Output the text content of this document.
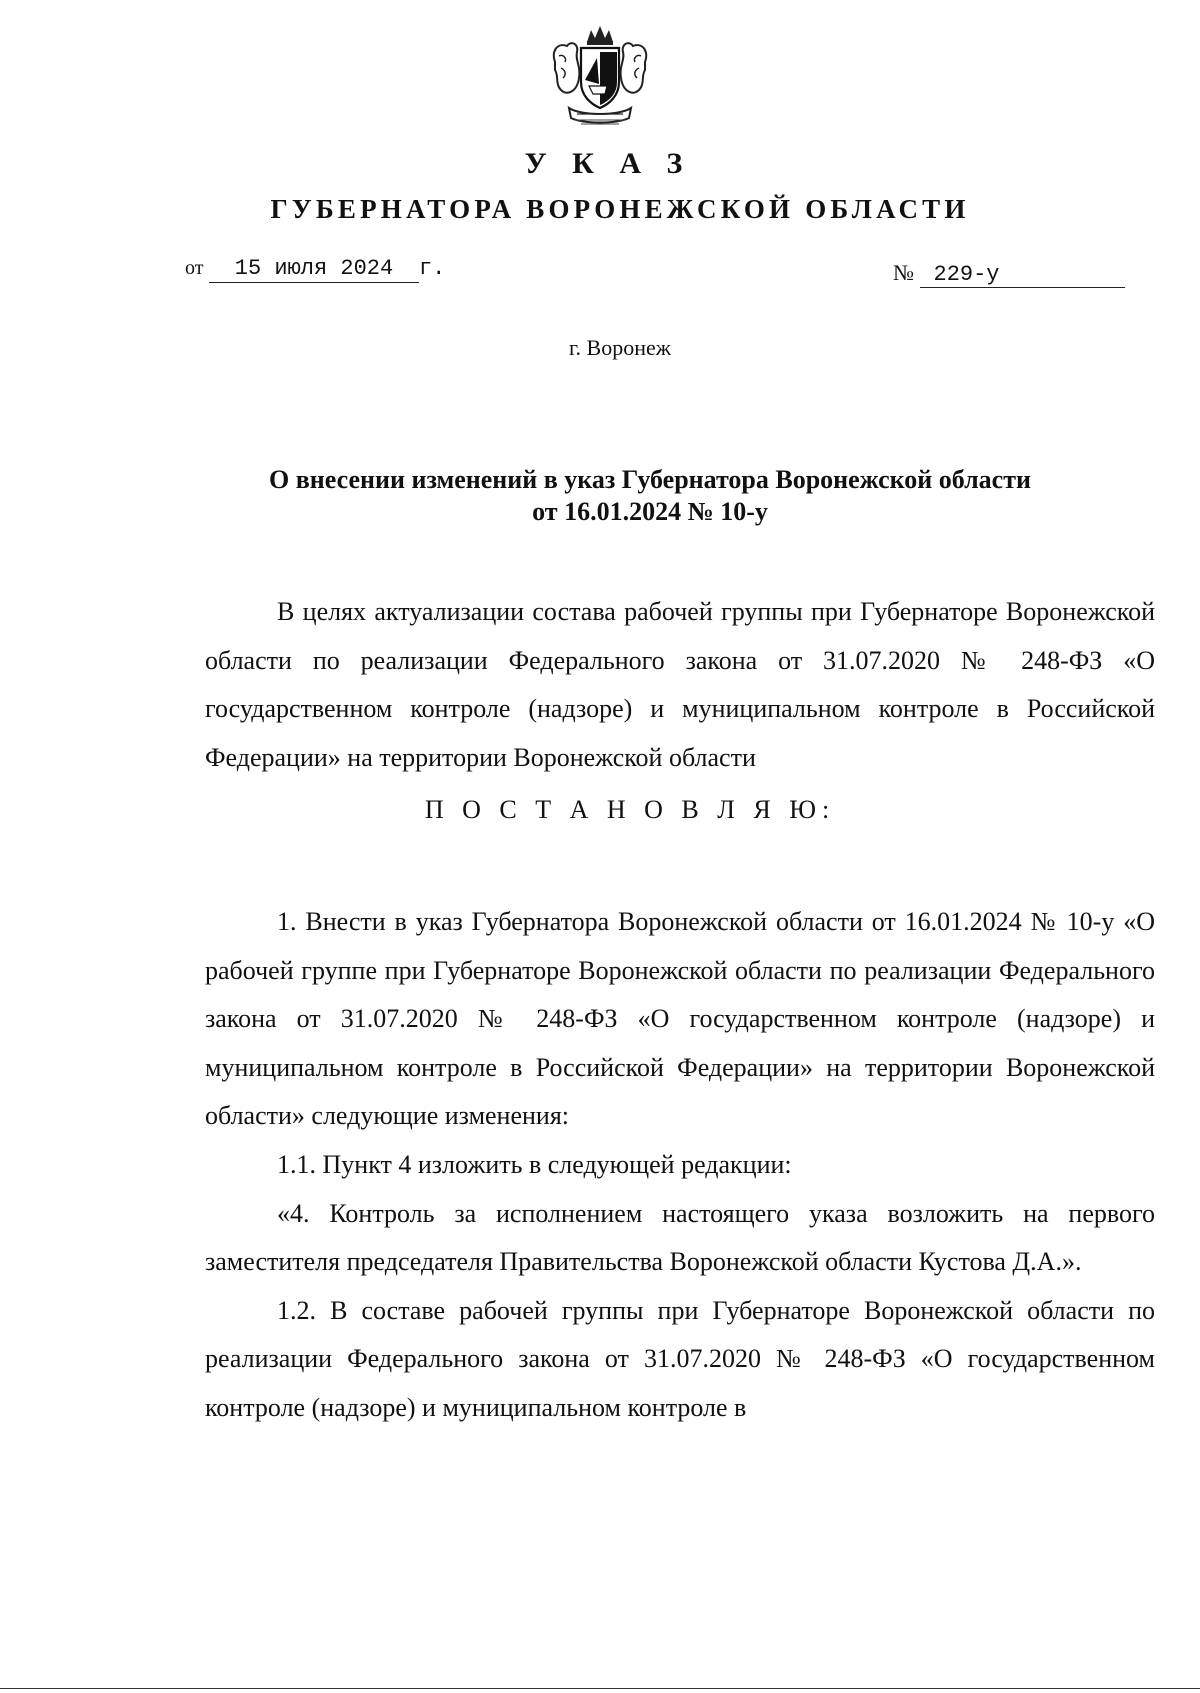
У К А З
ГУБЕРНАТОРА ВОРОНЕЖСКОЙ ОБЛАСТИ
от 15 июля 2024 г.	№ 229-у
г. Воронеж
О внесении изменений в указ Губернатора Воронежской области
от 16.01.2024 № 10-у

В целях актуализации состава рабочей группы при Губернаторе Воронежской области по реализации Федерального закона от 31.07.2020 № 248-ФЗ «О государственном контроле (надзоре) и муниципальном контроле в Российской Федерации» на территории Воронежской области

П О С Т А Н О В Л Я Ю:

1. Внести в указ Губернатора Воронежской области от 16.01.2024 № 10-у «О рабочей группе при Губернаторе Воронежской области по реализации Федерального закона от 31.07.2020 № 248-ФЗ «О государственном контроле (надзоре) и муниципальном контроле в Российской Федерации» на территории Воронежской области» следующие изменения:

1.1. Пункт 4 изложить в следующей редакции:

«4. Контроль за исполнением настоящего указа возложить на первого заместителя председателя Правительства Воронежской области Кустова Д.А.».

1.2. В составе рабочей группы при Губернаторе Воронежской области по реализации Федерального закона от 31.07.2020 № 248-ФЗ «О государственном контроле (надзоре) и муниципальном контроле в
